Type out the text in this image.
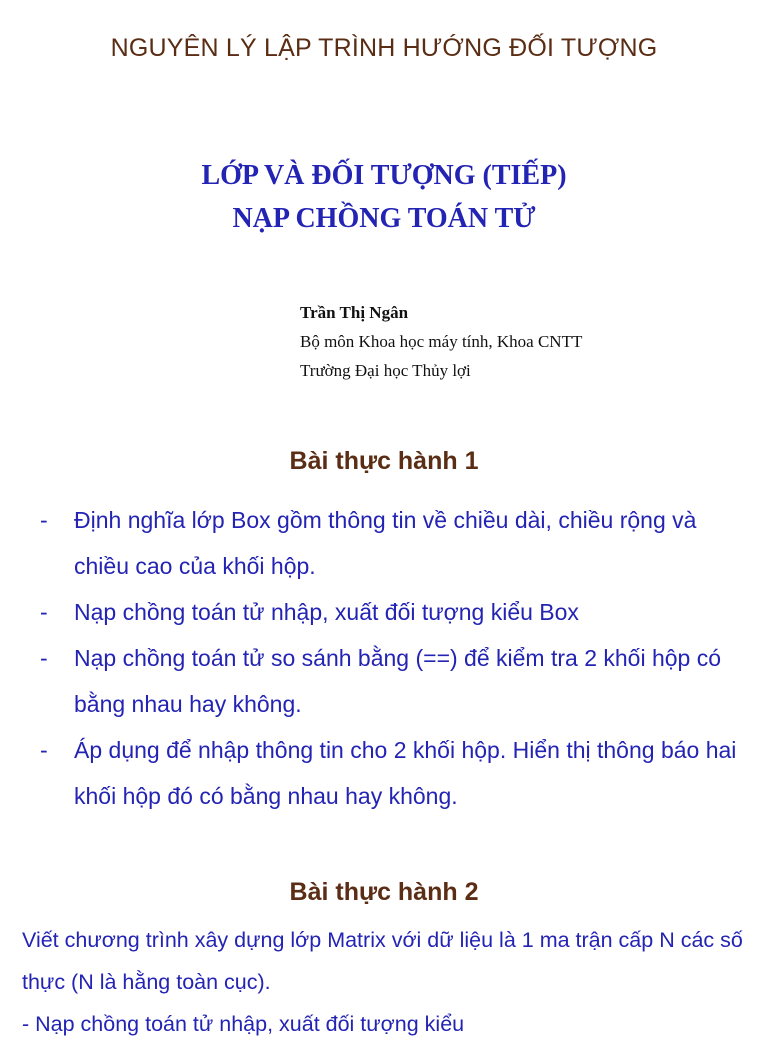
NGUYÊN LÝ LẬP TRÌNH HƯỚNG ĐỐI TƯỢNG
LỚP VÀ ĐỐI TƯỢNG (TIẾP)
NẠP CHỒNG TOÁN TỬ
Trần Thị Ngân
Bộ môn Khoa học máy tính, Khoa CNTT
Trường Đại học Thủy lợi
Bài thực hành 1
- Định nghĩa lớp Box gồm thông tin về chiều dài, chiều rộng và chiều cao của khối hộp.
- Nạp chồng toán tử nhập, xuất đối tượng kiểu Box
- Nạp chồng toán tử so sánh bằng (==) để kiểm tra 2 khối hộp có bằng nhau hay không.
- Áp dụng để nhập thông tin cho 2 khối hộp. Hiển thị thông báo hai khối hộp đó có bằng nhau hay không.
Bài thực hành 2
Viết chương trình xây dựng lớp Matrix với dữ liệu là 1 ma trận cấp N các số thực (N là hằng toàn cục).
- Nạp chồng toán tử nhập, xuất đối tượng kiểu
